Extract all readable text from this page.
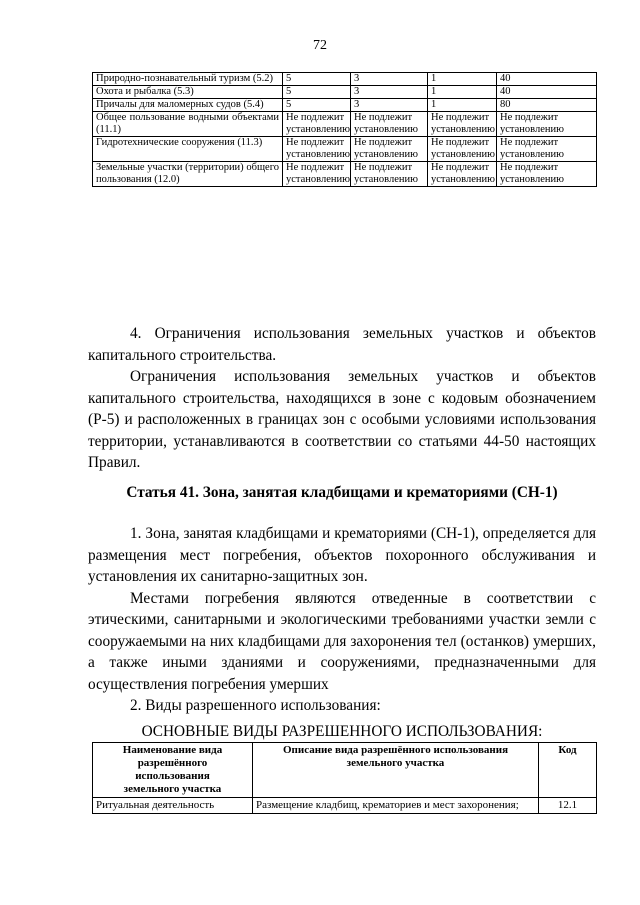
72
Природно-познавательный туризм (5.2)	5	3	1	40
Охота и рыбалка (5.3)	5	3	1	40
Причалы для маломерных судов (5.4)	5	3	1	80
Общее пользование водными объектами (11.1)	Не подлежит установлению	Не подлежит установлению	Не подлежит установлению	Не подлежит установлению
Гидротехнические сооружения (11.3)	Не подлежит установлению	Не подлежит установлению	Не подлежит установлению	Не подлежит установлению
Земельные участки (территории) общего пользования (12.0)	Не подлежит установлению	Не подлежит установлению	Не подлежит установлению	Не подлежит установлению

4. Ограничения использования земельных участков и объектов капитального строительства.

Ограничения использования земельных участков и объектов капитального строительства, находящихся в зоне с кодовым обозначением (Р-5) и расположенных в границах зон с особыми условиями использования территории, устанавливаются в соответствии со статьями 44-50 настоящих Правил.

Статья 41. Зона, занятая кладбищами и крематориями (СН-1)

1. Зона, занятая кладбищами и крематориями (СН-1), определяется для размещения мест погребения, объектов похоронного обслуживания и установления их санитарно-защитных зон.

Местами погребения являются отведенные в соответствии с этическими, санитарными и экологическими требованиями участки земли с сооружаемыми на них кладбищами для захоронения тел (останков) умерших, а также иными зданиями и сооружениями, предназначенными для осуществления погребения умерших

2. Виды разрешенного использования:

ОСНОВНЫЕ ВИДЫ РАЗРЕШЕННОГО ИСПОЛЬЗОВАНИЯ:
Наименование вида разрешённого использования земельного участка	Описание вида разрешённого использования земельного участка	Код
Ритуальная деятельность	Размещение кладбищ, крематориев и мест захоронения;	12.1
